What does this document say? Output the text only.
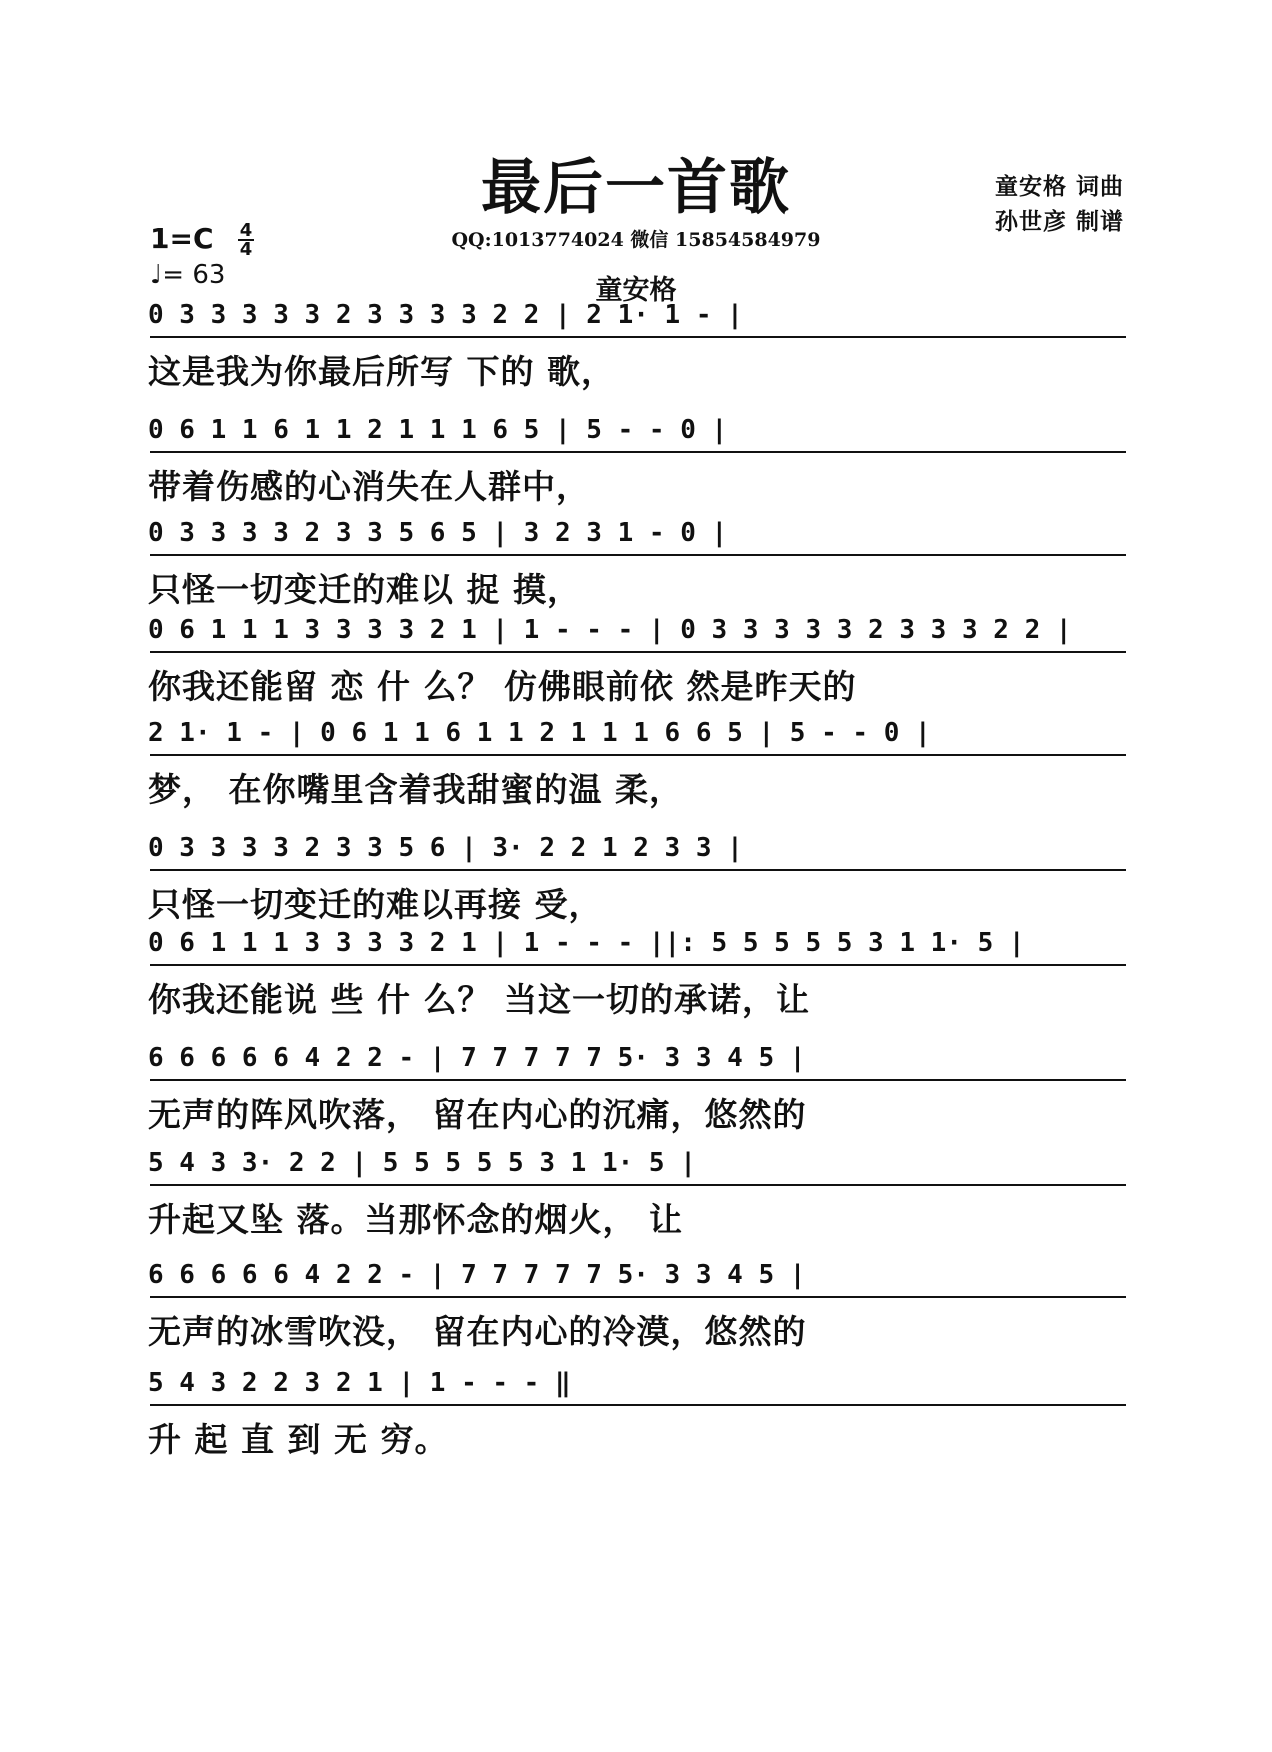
最后一首歌
QQ:1013774024 微信 15854584979
童安格
童安格 词曲
孙世彦 制谱
1=C 4
4
♩= 63
0 3 3 3 3 3 2 3 3 3 3 2 2 | 2 1· 1 - |
这是我为你最后所写 下的 歌，
0 6 1 1 6 1 1 2 1 1 1 6 5 | 5 - - 0 |
带着伤感的心消失在人群中，
0 3 3 3 3 2 3 3 5 6 5 | 3 2 3 1 - 0 |
只怪一切变迁的难以 捉 摸，
0 6 1 1 1 3 3 3 3 2 1 | 1 - - - | 0 3 3 3 3 3 2 3 3 3 2 2 |
你我还能留 恋 什 么？ 仿佛眼前依 然是昨天的
2 1· 1 - | 0 6 1 1 6 1 1 2 1 1 1 6 6 5 | 5 - - 0 |
梦， 在你嘴里含着我甜蜜的温 柔，
0 3 3 3 3 2 3 3 5 6 | 3· 2 2 1 2 3 3 |
只怪一切变迁的难以再接 受，
0 6 1 1 1 3 3 3 3 2 1 | 1 - - - ||: 5 5 5 5 5 3 1 1· 5 |
你我还能说 些 什 么？ 当这一切的承诺，让
6 6 6 6 6 4 2 2 - | 7 7 7 7 7 5· 3 3 4 5 |
无声的阵风吹落， 留在内心的沉痛，悠然的
5 4 3 3· 2 2 | 5 5 5 5 5 3 1 1· 5 |
升起又坠 落。当那怀念的烟火， 让
6 6 6 6 6 4 2 2 - | 7 7 7 7 7 5· 3 3 4 5 |
无声的冰雪吹没， 留在内心的冷漠，悠然的
5 4 3 2 2 3 2 1 | 1 - - - ‖
升 起 直 到 无 穷。
